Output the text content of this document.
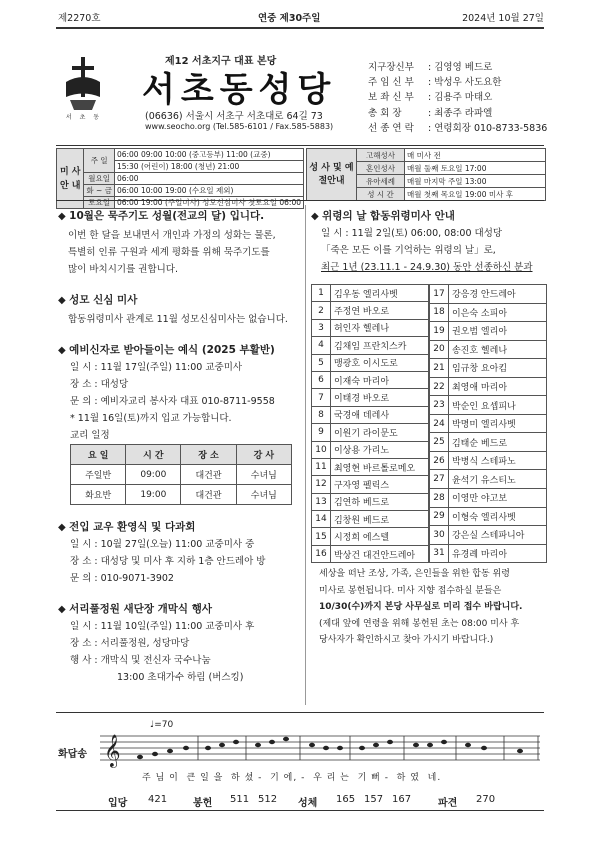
제2270호	연중 제30주일	2024년 10월 27일
서 초 동
제12 서초지구 대표 본당
서초동성당
(06636) 서울시 서초구 서초대로 64길 73
www.seocho.org (Tel.585-6101 / Fax.585-5883)
지구장신부	: 김영영 베드로
주 임 신 부	: 박성우 사도요한
보 좌 신 부	: 김용주 마태오
총 회 장	: 최종주 라파엘
선 종 연 락	: 연령회장 010-8733-5836
미 사 안 내	주 일	06:00 09:00 10:00 (중고등부) 11:00 (교중)
		15:30 (어린이) 18:00 (청년) 21:00
	월요일	06:00
	화 ~ 금	06:00 10:00 19:00 (수요일 제외)
	토요일	06:00 19:00 (주일미사) 성모신심미사 첫토요일 06:00
성 사 및 예절안내	고해성사	매 미사 전
	혼인성사	매월 둘째 토요일 17:00
	유아세례	매월 마지막 주일 13:00
	성 시 간	매월 첫째 목요일 19:00 미사 후
◆ 10월은 묵주기도 성월(전교의 달) 입니다.
이번 한 달을 보내면서 개인과 가정의 성화는 물론,
특별히 인류 구원과 세계 평화를 위해 묵주기도를
많이 바치시기를 권합니다.
◆ 성모 신심 미사
합동위령미사 관계로 11월 성모신심미사는 없습니다.
◆ 예비신자로 받아들이는 예식 (2025 부활반)
일 시 : 11월 17일(주일) 11:00 교중미사
장 소 : 대성당
문 의 : 예비자교리 봉사자 대표 010-8711-9558
* 11월 16일(토)까지 입교 가능합니다.
교리 일정
요 일	시 간	장 소	강 사
주일반	09:00	대건관	수녀님
화요반	19:00	대건관	수녀님
◆ 전입 교우 환영식 및 다과회
일 시 : 10월 27일(오늘) 11:00 교중미사 중
장 소 : 대성당 및 미사 후 지하 1층 안드레아 방
문 의 : 010-9071-3902
◆ 서리풀정원 새단장 개막식 행사
일 시 : 11월 10일(주일) 11:00 교중미사 후
장 소 : 서리풀정원, 성당마당
행 사 : 개막식 및 전신자 국수나눔
13:00 초대가수 하림 (버스킹)
◆ 위령의 날 합동위령미사 안내
일 시 : 11월 2일(토) 06:00, 08:00 대성당
「죽은 모든 이를 기억하는 위령의 날」로,
최근 1년 (23.11.1 - 24.9.30) 동안 선종하신 분과
1	김우동 엘리사벳
2	주정연 바오로
3	허인자 헬레나
4	김채임 프란치스카
5	맹광호 이시도로
6	이재숙 마리아
7	이태경 바오로
8	국경애 데레사
9	이원기 라이문도
10	이상용 가리노
11	최영현 바르톨로메오
12	구자영 펠릭스
13	김연하 베드로
14	김창원 베드로
15	시정희 에스텔
16	박상건 대건안드레아
17	강응경 안드레아
18	이은숙 소피아
19	권오범 엘리아
20	송진호 헬레나
21	임규창 요아킴
22	최영애 마리아
23	박순인 요셉피나
24	박명미 엘리사벳
25	김태순 베드로
26	박병식 스테파노
27	윤석기 유스티노
28	이영만 야고보
29	이형숙 엘리사벳
30	강은실 스테파니아
31	유경례 마리아
세상을 떠난 조상, 가족, 은인들을 위한 합동 위령
미사로 봉헌됩니다. 미사 지향 접수하실 분들은
10/30(수)까지 본당 사무실로 미리 접수 바랍니다.
(제대 앞에 연령을 위해 봉헌된 초는 08:00 미사 후
당사자가 확인하시고 찾아 가시기 바랍니다.)
화답송
♩=70
𝄞
주 님 이  큰 일 을  하 셨 -  기 에, -  우 리 는  기 뻐 -  하 였  네.
입당 421	봉헌 511 512 성체 165 157 167	파견 270
